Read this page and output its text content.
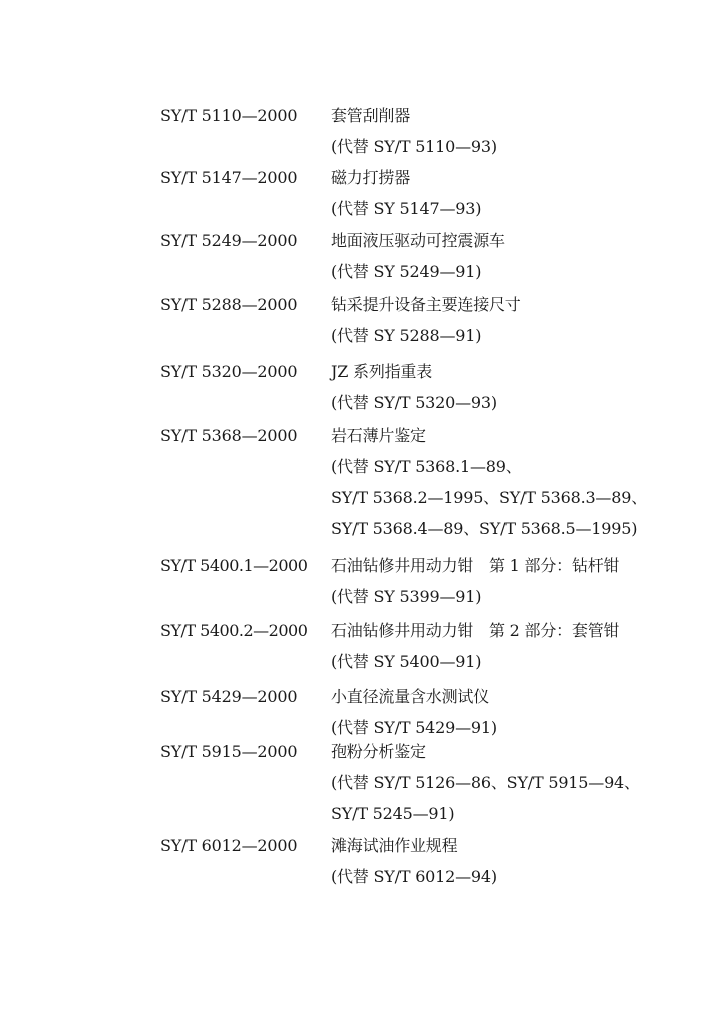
SY/T 5110—2000 套管刮削器
(代替 SY/T 5110—93)
SY/T 5147—2000 磁力打捞器
(代替 SY 5147—93)
SY/T 5249—2000 地面液压驱动可控震源车
(代替 SY 5249—91)
SY/T 5288—2000 钻采提升设备主要连接尺寸
(代替 SY 5288—91)
SY/T 5320—2000 JZ 系列指重表
(代替 SY/T 5320—93)
SY/T 5368—2000 岩石薄片鉴定
(代替 SY/T 5368.1—89、
SY/T 5368.2—1995、SY/T 5368.3—89、
SY/T 5368.4—89、SY/T 5368.5—1995)
SY/T 5400.1—2000 石油钻修井用动力钳　第 1 部分：钻杆钳
(代替 SY 5399—91)
SY/T 5400.2—2000 石油钻修井用动力钳　第 2 部分：套管钳
(代替 SY 5400—91)
SY/T 5429—2000 小直径流量含水测试仪
(代替 SY/T 5429—91)
SY/T 5915—2000 孢粉分析鉴定
(代替 SY/T 5126—86、SY/T 5915—94、
SY/T 5245—91)
SY/T 6012—2000 滩海试油作业规程
(代替 SY/T 6012—94)
